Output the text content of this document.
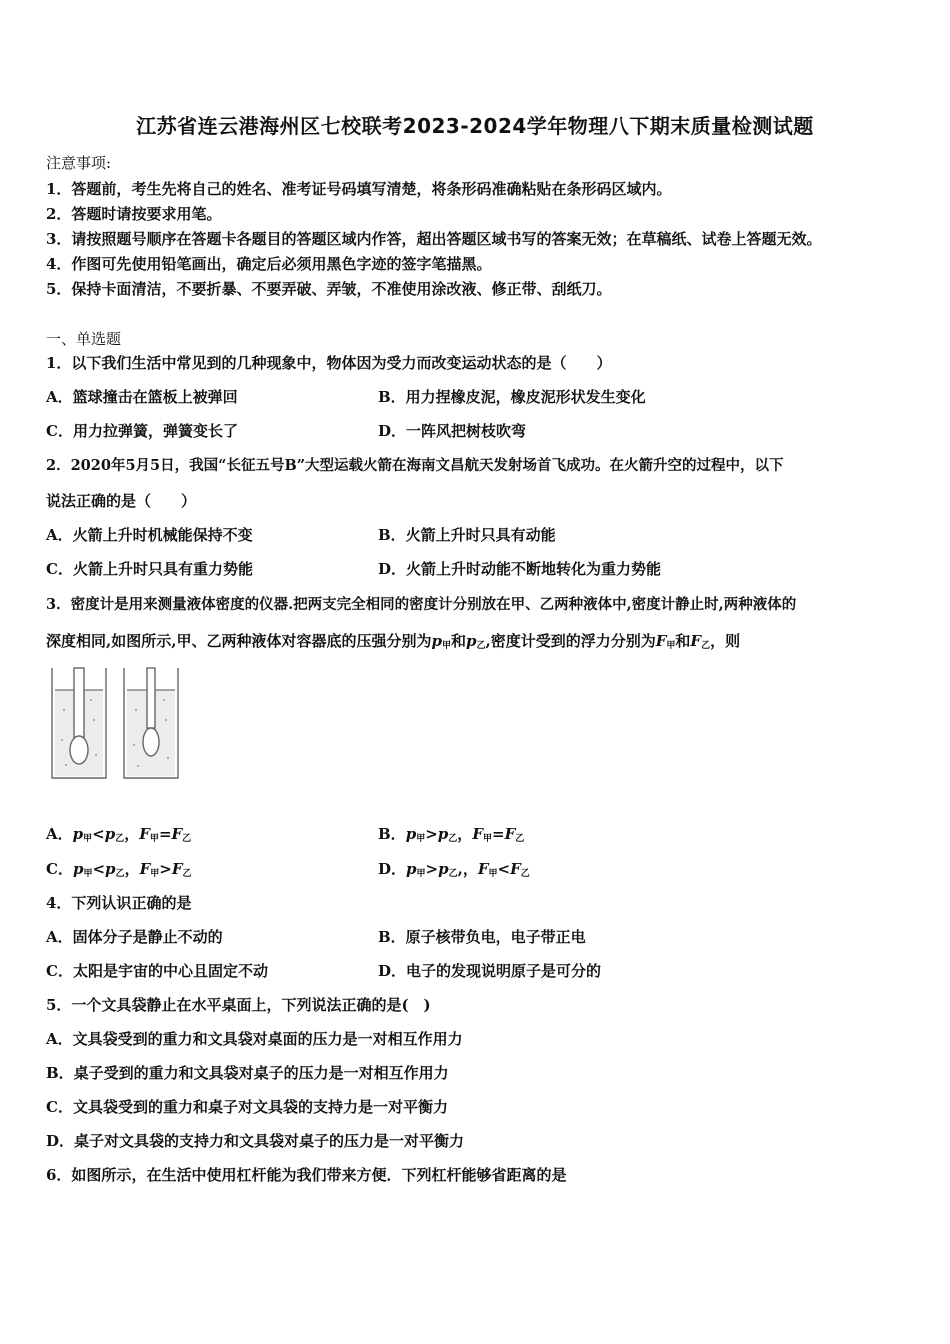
江苏省连云港海州区七校联考2023-2024学年物理八下期末质量检测试题
注意事项:
1．答题前，考生先将自己的姓名、准考证号码填写清楚，将条形码准确粘贴在条形码区域内。
2．答题时请按要求用笔。
3．请按照题号顺序在答题卡各题目的答题区域内作答，超出答题区域书写的答案无效；在草稿纸、试卷上答题无效。
4．作图可先使用铅笔画出，确定后必须用黑色字迹的签字笔描黑。
5．保持卡面清洁，不要折暴、不要弄破、弄皱，不准使用涂改液、修正带、刮纸刀。
一、单选题
1．以下我们生活中常见到的几种现象中，物体因为受力而改变运动状态的是（　　）
A．篮球撞击在篮板上被弹回	B．用力捏橡皮泥，橡皮泥形状发生变化
C．用力拉弹簧，弹簧变长了	D．一阵风把树枝吹弯
2．2020年5月5日，我国“长征五号B”大型运载火箭在海南文昌航天发射场首飞成功。在火箭升空的过程中，以下
说法正确的是（　　）
A．火箭上升时机械能保持不变	B．火箭上升时只具有动能
C．火箭上升时只具有重力势能	D．火箭上升时动能不断地转化为重力势能
3．密度计是用来测量液体密度的仪器.把两支完全相同的密度计分别放在甲、乙两种液体中,密度计静止时,两种液体的
深度相同,如图所示,甲、乙两种液体对容器底的压强分别为$p_甲$和$p_乙$,密度计受到的浮力分别为$F_甲$和$F_乙$，则
A．$p_甲<p_乙$，$F_甲=F_乙$	B．$p_甲>p_乙$，$F_甲=F_乙$
C．$p_甲<p_乙$，$F_甲>F_乙$	D．$p_甲>p_乙$,，$F_甲<F_乙$
4．下列认识正确的是
A．固体分子是静止不动的	B．原子核带负电，电子带正电
C．太阳是宇宙的中心且固定不动	D．电子的发现说明原子是可分的
5．一个文具袋静止在水平桌面上，下列说法正确的是(　)
A．文具袋受到的重力和文具袋对桌面的压力是一对相互作用力
B．桌子受到的重力和文具袋对桌子的压力是一对相互作用力
C．文具袋受到的重力和桌子对文具袋的支持力是一对平衡力
D．桌子对文具袋的支持力和文具袋对桌子的压力是一对平衡力
6．如图所示，在生活中使用杠杆能为我们带来方便．下列杠杆能够省距离的是
